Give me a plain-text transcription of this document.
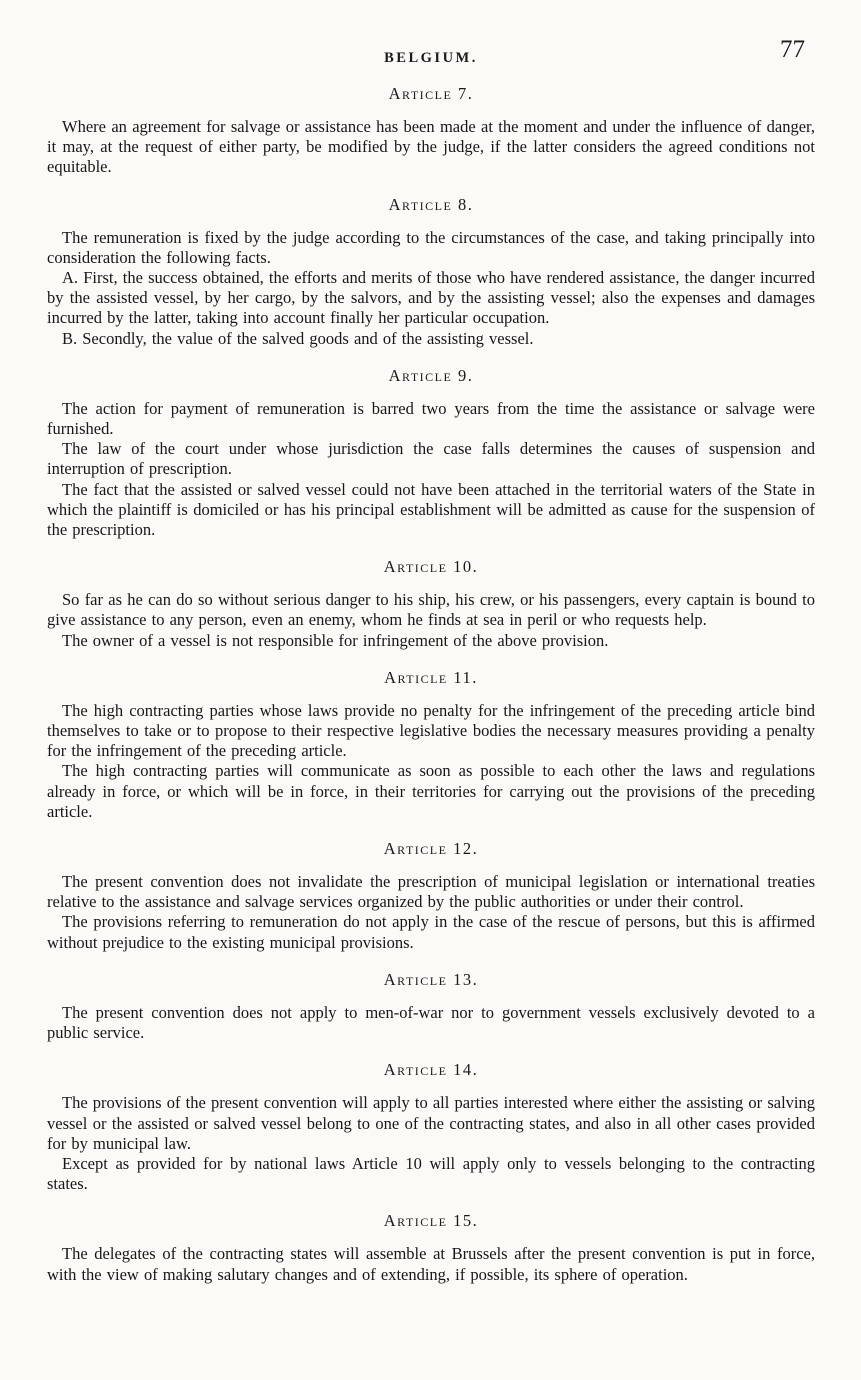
BELGIUM.	77
Article 7.

Where an agreement for salvage or assistance has been made at the moment and under the influence of danger, it may, at the request of either party, be modified by the judge, if the latter considers the agreed conditions not equitable.

Article 8.

The remuneration is fixed by the judge according to the circumstances of the case, and taking principally into consideration the following facts.

A. First, the success obtained, the efforts and merits of those who have rendered assistance, the danger incurred by the assisted vessel, by her cargo, by the salvors, and by the assisting vessel; also the expenses and damages incurred by the latter, taking into account finally her particular occupation.

B. Secondly, the value of the salved goods and of the assisting vessel.

Article 9.

The action for payment of remuneration is barred two years from the time the assistance or salvage were furnished.

The law of the court under whose jurisdiction the case falls determines the causes of suspension and interruption of prescription.

The fact that the assisted or salved vessel could not have been attached in the territorial waters of the State in which the plaintiff is domiciled or has his principal establishment will be admitted as cause for the suspension of the prescription.

Article 10.

So far as he can do so without serious danger to his ship, his crew, or his passengers, every captain is bound to give assistance to any person, even an enemy, whom he finds at sea in peril or who requests help.

The owner of a vessel is not responsible for infringement of the above provision.

Article 11.

The high contracting parties whose laws provide no penalty for the infringement of the preceding article bind themselves to take or to propose to their respective legislative bodies the necessary measures providing a penalty for the infringement of the preceding article.

The high contracting parties will communicate as soon as possible to each other the laws and regulations already in force, or which will be in force, in their territories for carrying out the provisions of the preceding article.

Article 12.

The present convention does not invalidate the prescription of municipal legislation or international treaties relative to the assistance and salvage services organized by the public authorities or under their control.

The provisions referring to remuneration do not apply in the case of the rescue of persons, but this is affirmed without prejudice to the existing municipal provisions.

Article 13.

The present convention does not apply to men-of-war nor to government vessels exclusively devoted to a public service.

Article 14.

The provisions of the present convention will apply to all parties interested where either the assisting or salving vessel or the assisted or salved vessel belong to one of the contracting states, and also in all other cases provided for by municipal law.

Except as provided for by national laws Article 10 will apply only to vessels belonging to the contracting states.

Article 15.

The delegates of the contracting states will assemble at Brussels after the present convention is put in force, with the view of making salutary changes and of extending, if possible, its sphere of operation.
